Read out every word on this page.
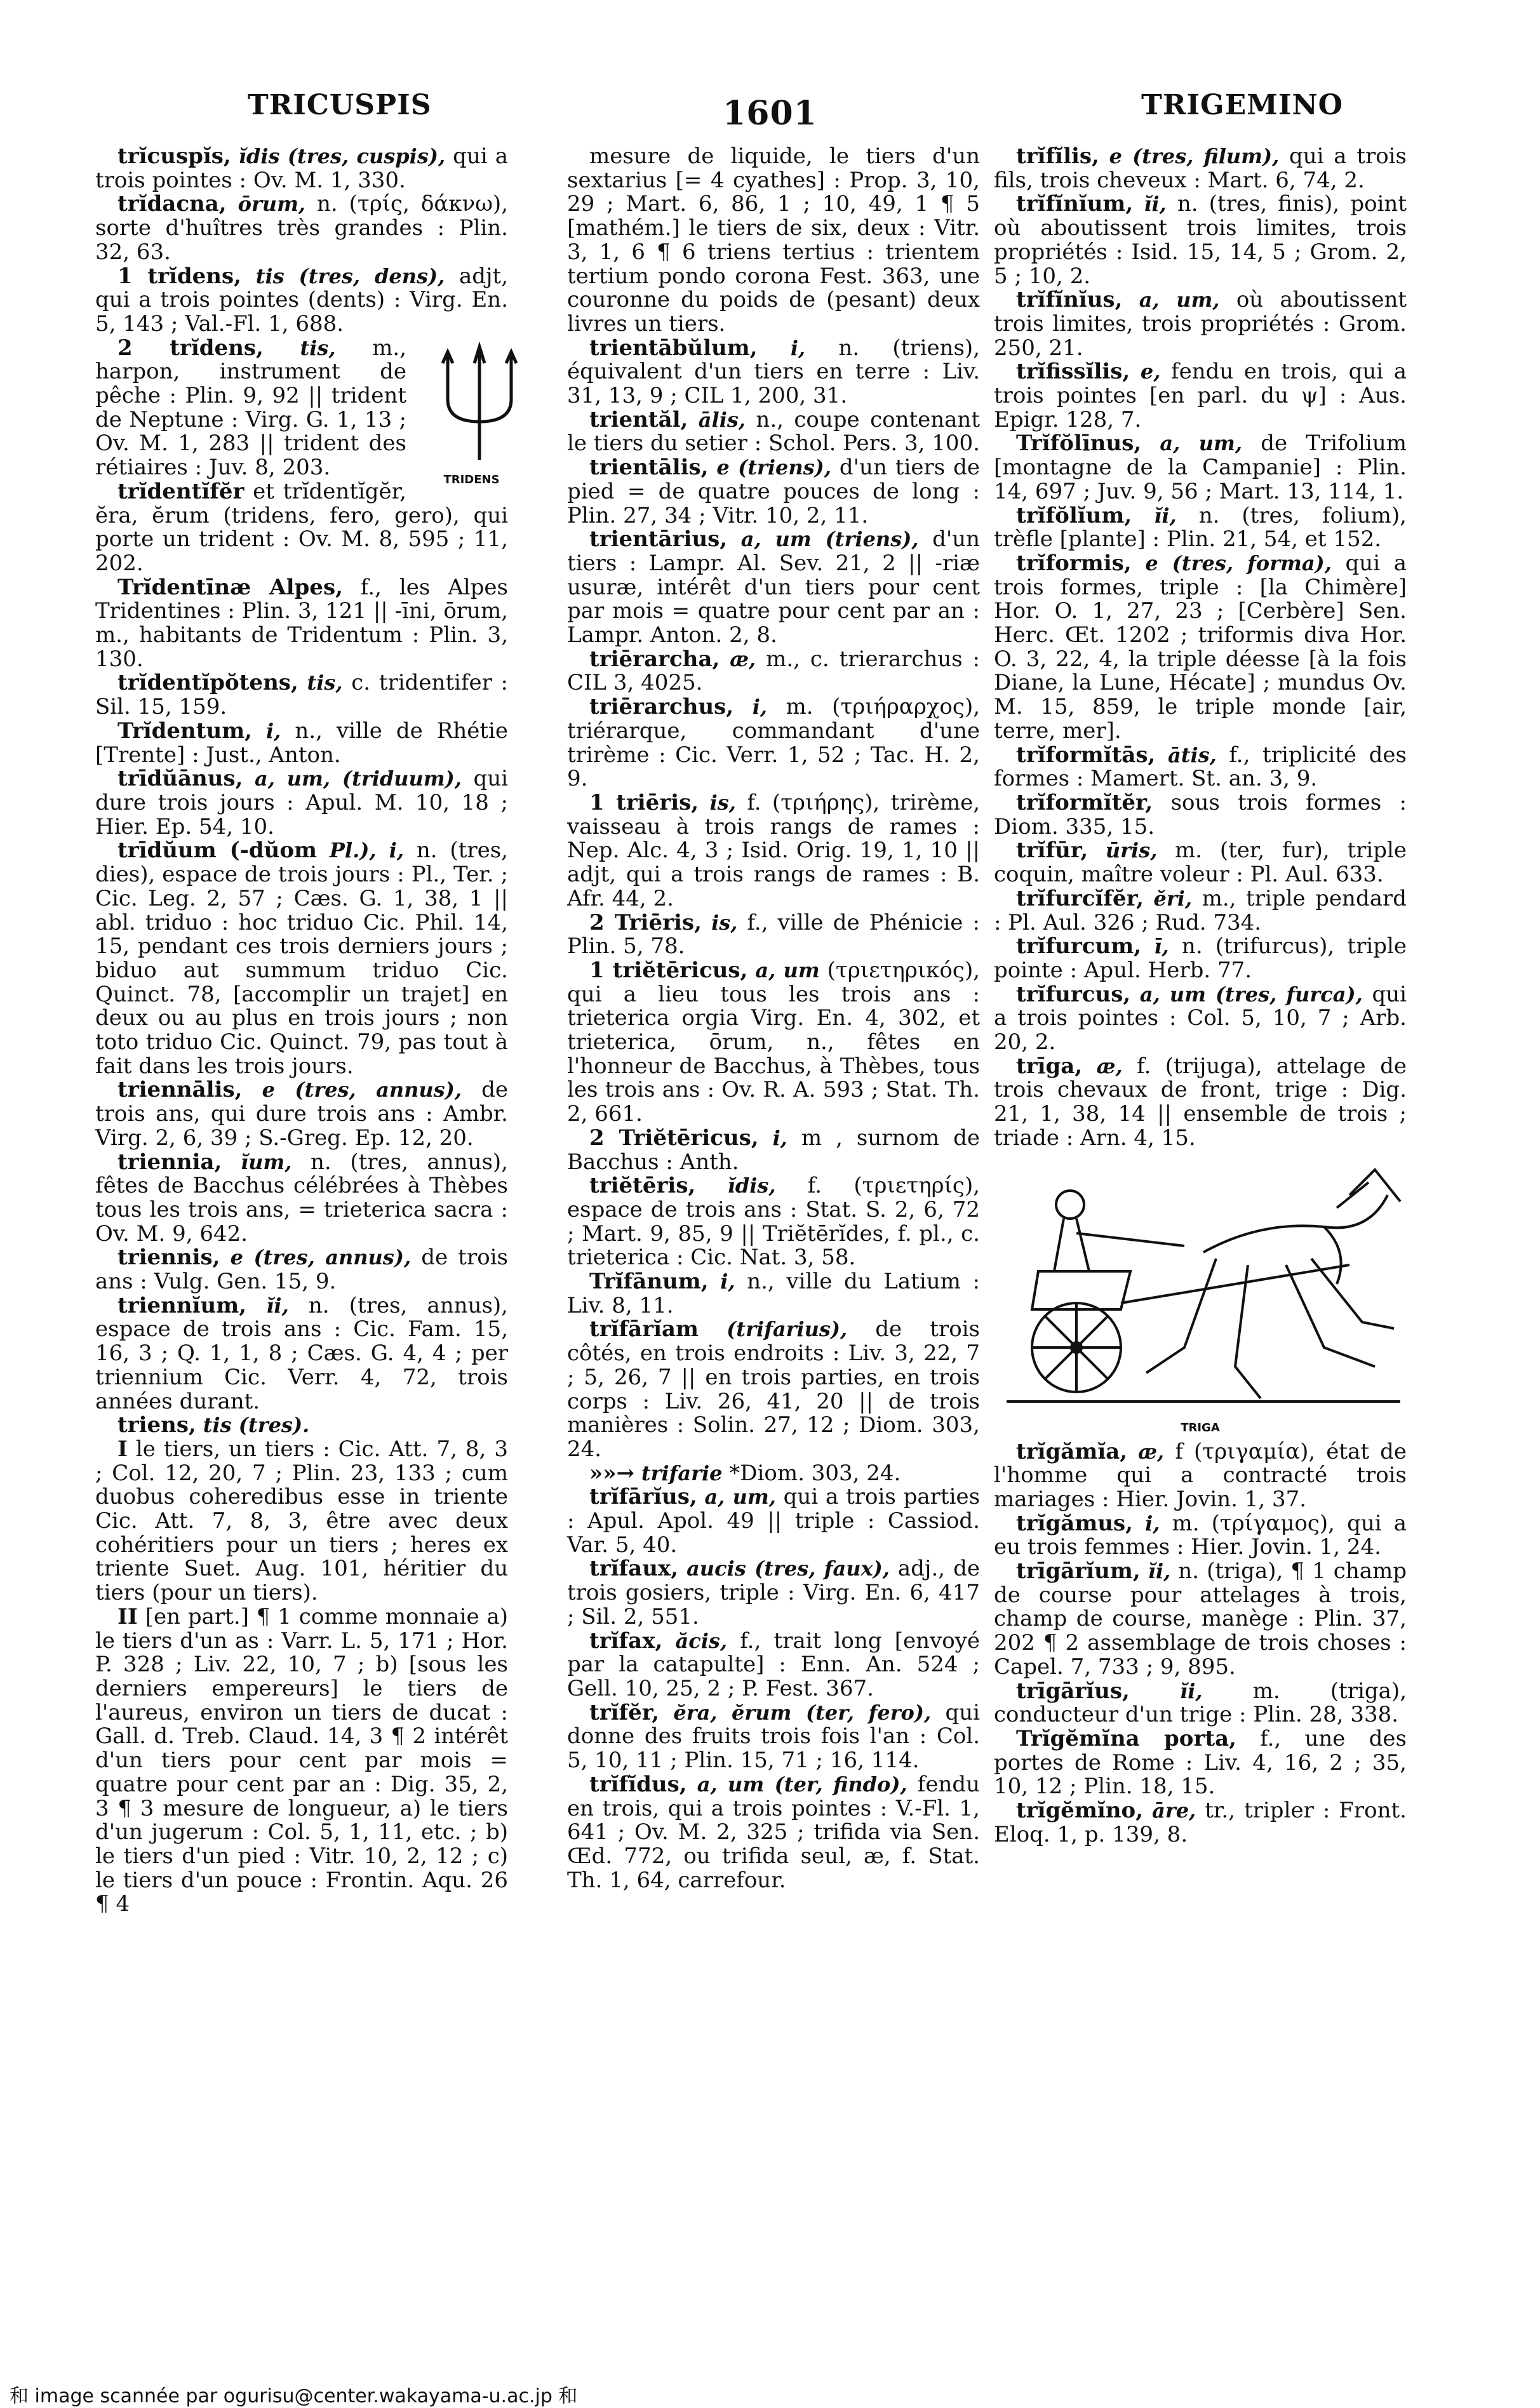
TRICUSPIS	1601	TRIGEMINO

trĭcuspĭs, ĭdis (tres, cuspis), qui a trois pointes : Ov. M. 1, 330.

trĭdacna, ōrum, n. (τρίς, δάκνω), sorte d'huîtres très grandes : Plin. 32, 63.

1 trĭdens, tis (tres, dens), adjt, qui a trois pointes (dents) : Virg. En. 5, 143 ; Val.-Fl. 1, 688.

2 trĭdens,
TRIDENS
tis, m., harpon, instrument de pêche : Plin. 9, 92 || trident de Neptune : Virg. G. 1, 13 ; Ov. M. 1, 283 || trident des rétiaires : Juv. 8, 203.

trĭdentĭfĕr et trĭdentĭgĕr, ĕra, ĕrum (tridens, fero, gero), qui porte un trident : Ov. M. 8, 595 ; 11, 202.

Trĭdentīnæ Alpes, f., les Alpes Tridentines : Plin. 3, 121 || -īni, ōrum, m., habitants de Tridentum : Plin. 3, 130.

trĭdentĭpŏtens, tis, c. tridentifer : Sil. 15, 159.

Trĭdentum, i, n., ville de Rhétie [Trente] : Just., Anton.

trīdŭānus, a, um, (triduum), qui dure trois jours : Apul. M. 10, 18 ; Hier. Ep. 54, 10.

trīdŭum (-dŭom Pl.), i, n. (tres, dies), espace de trois jours : Pl., Ter. ; Cic. Leg. 2, 57 ; Cæs. G. 1, 38, 1 || abl. triduo : hoc triduo Cic. Phil. 14, 15, pendant ces trois derniers jours ; biduo aut summum triduo Cic. Quinct. 78, [accomplir un trajet] en deux ou au plus en trois jours ; non toto triduo Cic. Quinct. 79, pas tout à fait dans les trois jours.

triennālis, e (tres, annus), de trois ans, qui dure trois ans : Ambr. Virg. 2, 6, 39 ; S.-Greg. Ep. 12, 20.

triennia, ĭum, n. (tres, annus), fêtes de Bacchus célébrées à Thèbes tous les trois ans, = trieterica sacra : Ov. M. 9, 642.

triennis, e (tres, annus), de trois ans : Vulg. Gen. 15, 9.

triennĭum, ĭi, n. (tres, annus), espace de trois ans : Cic. Fam. 15, 16, 3 ; Q. 1, 1, 8 ; Cæs. G. 4, 4 ; per triennium Cic. Verr. 4, 72, trois années durant.

triens, tis (tres).

I le tiers, un tiers : Cic. Att. 7, 8, 3 ; Col. 12, 20, 7 ; Plin. 23, 133 ; cum duobus coheredibus esse in triente Cic. Att. 7, 8, 3, être avec deux cohéritiers pour un tiers ; heres ex triente Suet. Aug. 101, héritier du tiers (pour un tiers).

II [en part.] ¶ 1 comme monnaie a) le tiers d'un as : Varr. L. 5, 171 ; Hor. P. 328 ; Liv. 22, 10, 7 ; b) [sous les derniers empereurs] le tiers de l'aureus, environ un tiers de ducat : Gall. d. Treb. Claud. 14, 3 ¶ 2 intérêt d'un tiers pour cent par mois = quatre pour cent par an : Dig. 35, 2, 3 ¶ 3 mesure de longueur, a) le tiers d'un jugerum : Col. 5, 1, 11, etc. ; b) le tiers d'un pied : Vitr. 10, 2, 12 ; c) le tiers d'un pouce : Frontin. Aqu. 26 ¶ 4

mesure de liquide, le tiers d'un sextarius [= 4 cyathes] : Prop. 3, 10, 29 ; Mart. 6, 86, 1 ; 10, 49, 1 ¶ 5 [mathém.] le tiers de six, deux : Vitr. 3, 1, 6 ¶ 6 triens tertius : trientem tertium pondo corona Fest. 363, une couronne du poids de (pesant) deux livres un tiers.

trientābŭlum, i, n. (triens), équivalent d'un tiers en terre : Liv. 31, 13, 9 ; CIL 1, 200, 31.

trientăl, ālis, n., coupe contenant le tiers du setier : Schol. Pers. 3, 100.

trientālis, e (triens), d'un tiers de pied = de quatre pouces de long : Plin. 27, 34 ; Vitr. 10, 2, 11.

trientārius, a, um (triens), d'un tiers : Lampr. Al. Sev. 21, 2 || -riæ usuræ, intérêt d'un tiers pour cent par mois = quatre pour cent par an : Lampr. Anton. 2, 8.

triērarcha, æ, m., c. trierarchus : CIL 3, 4025.

triērarchus, i, m. (τριήραρχος), triérarque, commandant d'une trirème : Cic. Verr. 1, 52 ; Tac. H. 2, 9.

1 triēris, is, f. (τριήρης), trirème, vaisseau à trois rangs de rames : Nep. Alc. 4, 3 ; Isid. Orig. 19, 1, 10 || adjt, qui a trois rangs de rames : B. Afr. 44, 2.

2 Triēris, is, f., ville de Phénicie : Plin. 5, 78.

1 triĕtēricus, a, um (τριετηρικός), qui a lieu tous les trois ans : trieterica orgia Virg. En. 4, 302, et trieterica, ōrum, n., fêtes en l'honneur de Bacchus, à Thèbes, tous les trois ans : Ov. R. A. 593 ; Stat. Th. 2, 661.

2 Triĕtēricus, i, m , surnom de Bacchus : Anth.

triĕtēris, ĭdis, f. (τριετηρίς), espace de trois ans : Stat. S. 2, 6, 72 ; Mart. 9, 85, 9 || Triĕtērĭdes, f. pl., c. trieterica : Cic. Nat. 3, 58.

Trĭfānum, i, n., ville du Latium : Liv. 8, 11.

trĭfārĭam (trifarius), de trois côtés, en trois endroits : Liv. 3, 22, 7 ; 5, 26, 7 || en trois parties, en trois corps : Liv. 26, 41, 20 || de trois manières : Solin. 27, 12 ; Diom. 303, 24.

»»→ trifarie *Diom. 303, 24.

trĭfārĭus, a, um, qui a trois parties : Apul. Apol. 49 || triple : Cassiod. Var. 5, 40.

trĭfaux, aucis (tres, faux), adj., de trois gosiers, triple : Virg. En. 6, 417 ; Sil. 2, 551.

trĭfax, ăcis, f., trait long [envoyé par la catapulte] : Enn. An. 524 ; Gell. 10, 25, 2 ; P. Fest. 367.

trĭfĕr, ĕra, ĕrum (ter, fero), qui donne des fruits trois fois l'an : Col. 5, 10, 11 ; Plin. 15, 71 ; 16, 114.

trĭfĭdus, a, um (ter, findo), fendu en trois, qui a trois pointes : V.-Fl. 1, 641 ; Ov. M. 2, 325 ; trifida via Sen. Œd. 772, ou trifida seul, æ, f. Stat. Th. 1, 64, carrefour.

trĭfĭlis, e (tres, filum), qui a trois fils, trois cheveux : Mart. 6, 74, 2.

trĭfĭnĭum, ĭi, n. (tres, finis), point où aboutissent trois limites, trois propriétés : Isid. 15, 14, 5 ; Grom. 2, 5 ; 10, 2.

trĭfĭnĭus, a, um, où aboutissent trois limites, trois propriétés : Grom. 250, 21.

trĭfissĭlis, e, fendu en trois, qui a trois pointes [en parl. du ψ] : Aus. Epigr. 128, 7.

Trĭfŏlīnus, a, um, de Trifolium [montagne de la Campanie] : Plin. 14, 697 ; Juv. 9, 56 ; Mart. 13, 114, 1.

trĭfŏlĭum, ĭi, n. (tres, folium), trèfle [plante] : Plin. 21, 54, et 152.

trĭformis, e (tres, forma), qui a trois formes, triple : [la Chimère] Hor. O. 1, 27, 23 ; [Cerbère] Sen. Herc. Œt. 1202 ; triformis diva Hor. O. 3, 22, 4, la triple déesse [à la fois Diane, la Lune, Hécate] ; mundus Ov. M. 15, 859, le triple monde [air, terre, mer].

trĭformĭtās, ātis, f., triplicité des formes : Mamert. St. an. 3, 9.

trĭformĭtĕr, sous trois formes : Diom. 335, 15.

trĭfūr, ūris, m. (ter, fur), triple coquin, maître voleur : Pl. Aul. 633.

trĭfurcĭfĕr, ĕri, m., triple pendard : Pl. Aul. 326 ; Rud. 734.

trĭfurcum, ī, n. (trifurcus), triple pointe : Apul. Herb. 77.

trĭfurcus, a, um (tres, furca), qui a trois pointes : Col. 5, 10, 7 ; Arb. 20, 2.

trīga, æ, f. (trijuga), attelage de trois chevaux de front, trige : Dig. 21, 1, 38, 14 || ensemble de trois ; triade : Arn. 4, 15.

TRIGA

trĭgămĭa, æ, f (τριγαμία), état de l'homme qui a contracté trois mariages : Hier. Jovin. 1, 37.

trĭgămus, i, m. (τρίγαμος), qui a eu trois femmes : Hier. Jovin. 1, 24.

trīgārĭum, ĭi, n. (triga), ¶ 1 champ de course pour attelages à trois, champ de course, manège : Plin. 37, 202 ¶ 2 assemblage de trois choses : Capel. 7, 733 ; 9, 895.

trīgārĭus, ĭi, m. (triga), conducteur d'un trige : Plin. 28, 338.

Trĭgĕmĭna porta, f., une des portes de Rome : Liv. 4, 16, 2 ; 35, 10, 12 ; Plin. 18, 15.

trĭgĕmĭno, āre, tr., tripler : Front. Eloq. 1, p. 139, 8.

和 image scannée par ogurisu@center.wakayama-u.ac.jp 和
